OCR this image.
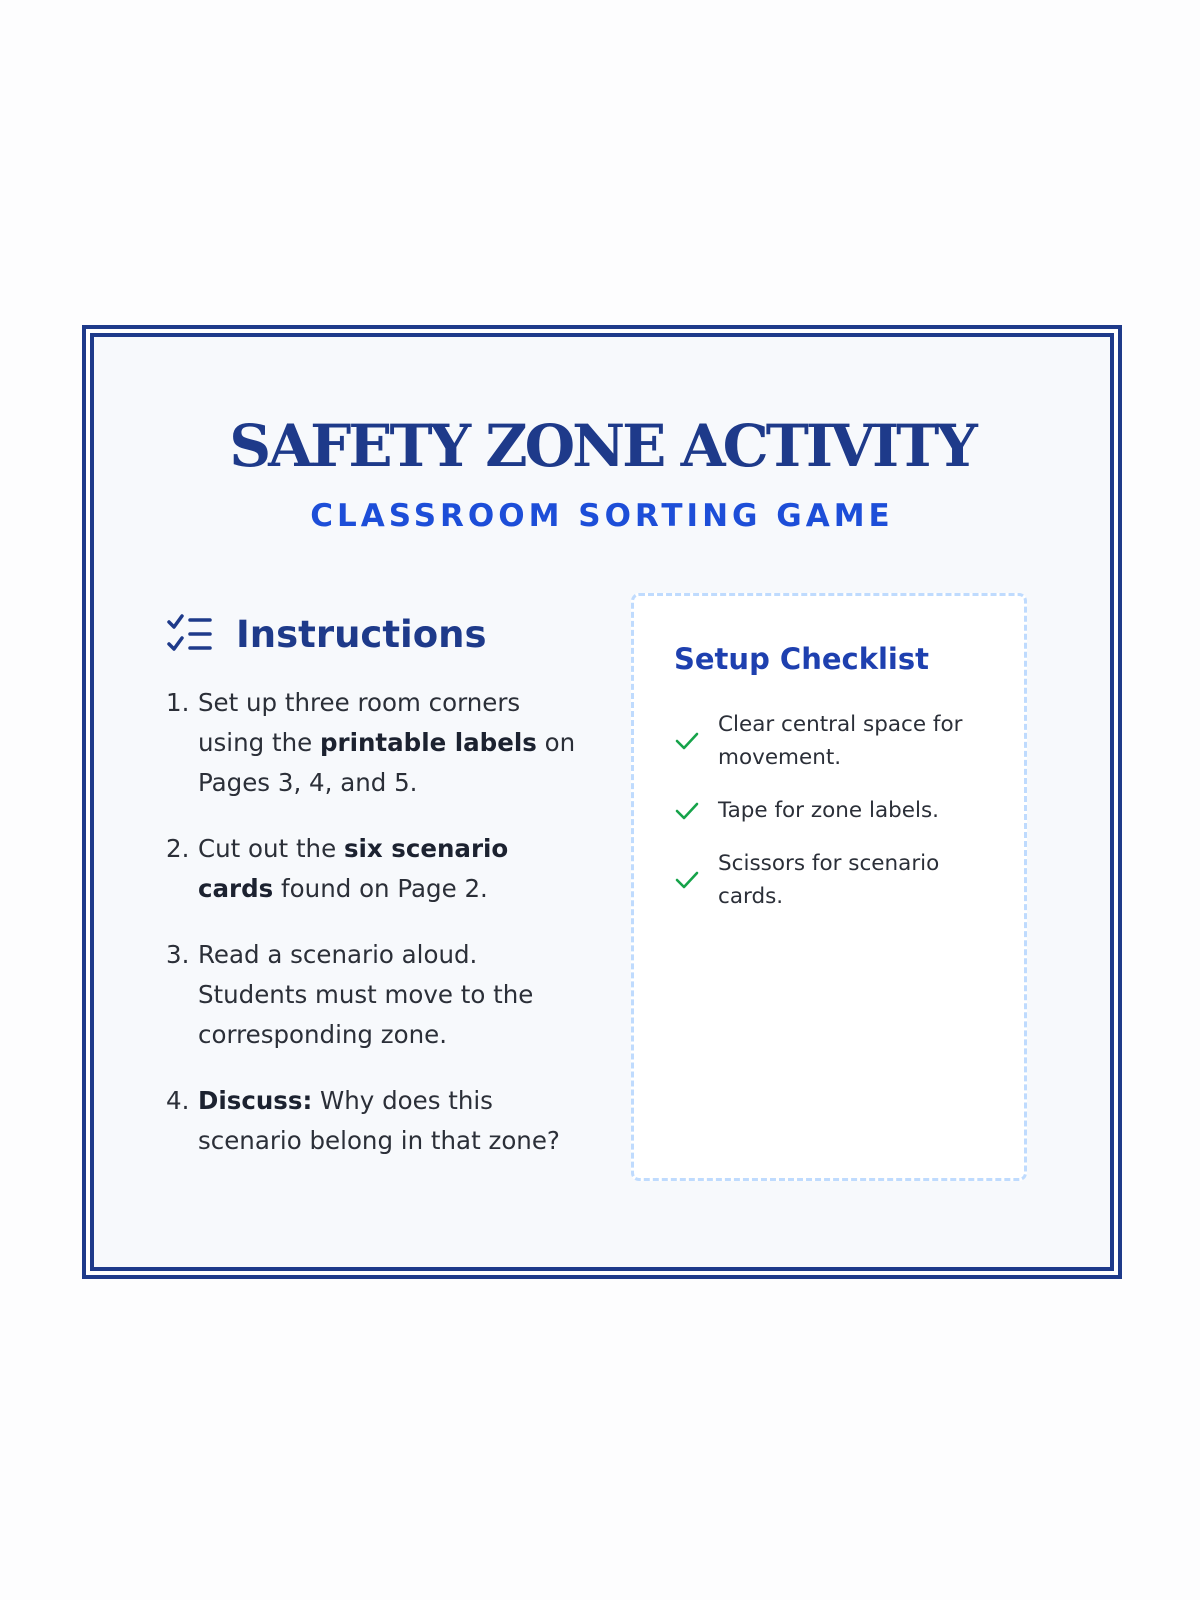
SAFETY ZONE ACTIVITY
CLASSROOM SORTING GAME
Instructions
1. Set up three room corners using the printable labels on Pages 3, 4, and 5.
2. Cut out the six scenario cards found on Page 2.
3. Read a scenario aloud. Students must move to the corresponding zone.
4. Discuss: Why does this scenario belong in that zone?
Setup Checklist
Clear central space for movement.
Tape for zone labels.
Scissors for scenario cards.
